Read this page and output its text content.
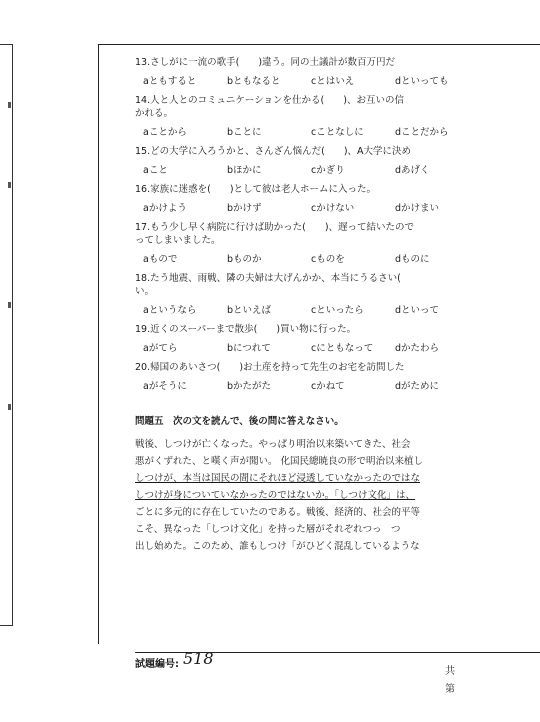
13.さしがに一流の歌手(　　)違う。同の土議計が数百万円だ
aともすると	bともなると	cとはいえ	dといっても
14.人と人とのコミュニケーションを仕かる(　　)、お互いの信
かれる。
aことから	bことに	cことなしに	dことだから
15.どの大学に入ろうかと、さんざん悩んだ(　　)、A大学に決め
aこと	bほかに	cかぎり	dあげく
16.家族に迷惑を(　　)として彼は老人ホームに入った。
aかけよう	bかけず	cかけない	dかけまい
17.もう少し早く病院に行けば助かった(　　)、遅って結いたので
ってしまいました。
aもので	bものか	cものを	dものに
18.たう地震、雨戦、隣の夫婦は大げんかか、本当にうるさい(　　
い。
aというなら	bといえば	cといったら	dといって
19.近くのスーパーまで散歩(　　)買い物に行った。
aがてら	bにつれて	cにともなって	dかたわら
20.帰国のあいさつ(　　)お土産を持って先生のお宅を訪問した
aがそうに	bかたがた	cかねて	dがために
問題五　次の文を読んで、後の問に答えなさい。
戦後、しつけが亡くなった。やっぱり明治以来築いてきた、社会
悪がくずれた、と嘆く声が聞い。 化国民總暁良の形で明治以来植し
しつけが、本当は国民の間にそれほど浸透していなかったのではな
しつけが身についていなかったのではないか。「しつけ文化」は、
ごとに多元的に存在していたのである。戦後、経済的、社会的平等
こそ、異なった「しつけ文化」を持った層がそれぞれつっ　つ
出し始めた。このため、誰もしつけ「がひどく混乱しているような
試題編号: 518
共
第
